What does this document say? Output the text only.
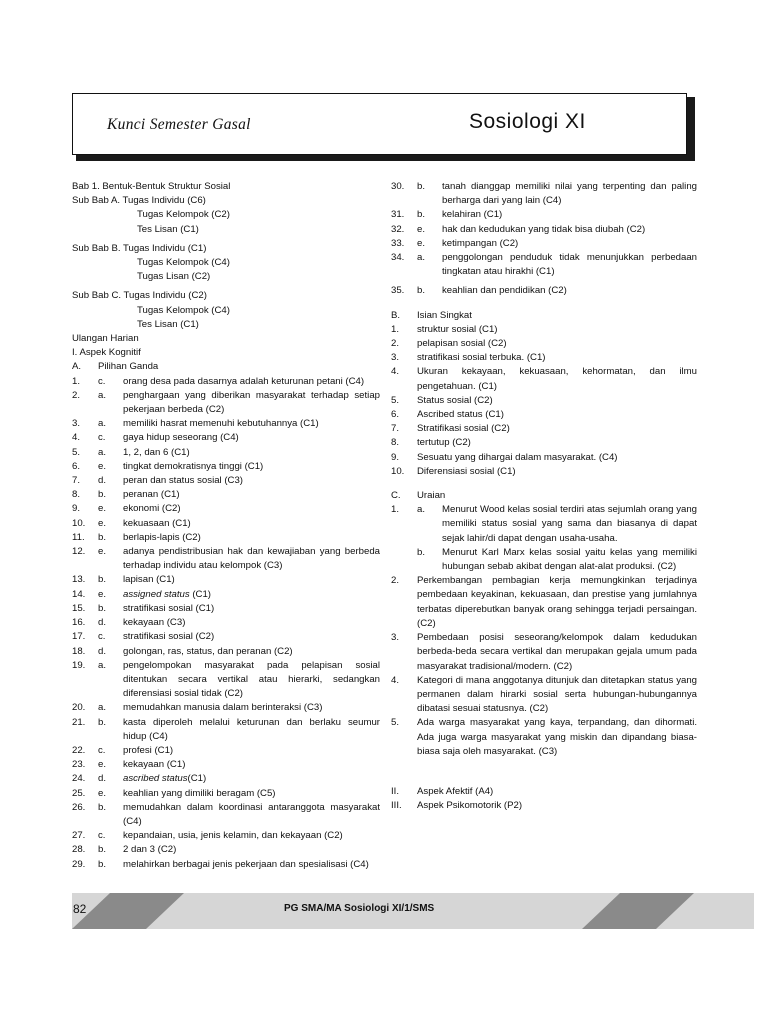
Kunci Semester Gasal	Sosiologi XI
Bab 1. Bentuk-Bentuk Struktur Sosial
Sub Bab A. Tugas Individu (C6)
Tugas Kelompok (C2)
Tes Lisan (C1)
Sub Bab B. Tugas Individu (C1)
Tugas Kelompok (C4)
Tugas Lisan (C2)
Sub Bab C. Tugas Individu (C2)
Tugas Kelompok (C4)
Tes Lisan (C1)
Ulangan Harian
I. Aspek Kognitif
A.	Pilihan Ganda
1.	c.	orang desa pada dasarnya adalah keturunan petani (C4)
2.	a.	penghargaan yang diberikan masyarakat terhadap setiap pekerjaan berbeda (C2)
3.	a.	memiliki hasrat memenuhi kebutuhannya (C1)
4.	c.	gaya hidup seseorang (C4)
5.	a.	1, 2, dan 6 (C1)
6.	e.	tingkat demokratisnya tinggi (C1)
7.	d.	peran dan status sosial (C3)
8.	b.	peranan (C1)
9.	e.	ekonomi (C2)
10.	e.	kekuasaan (C1)
11.	b.	berlapis-lapis (C2)
12.	e.	adanya pendistribusian hak dan kewajiaban yang berbeda terhadap individu atau kelompok (C3)
13.	b.	lapisan (C1)
14.	e.	assigned status (C1)
15.	b.	stratifikasi sosial (C1)
16.	d.	kekayaan (C3)
17.	c.	stratifikasi sosial (C2)
18.	d.	golongan, ras, status, dan peranan (C2)
19.	a.	pengelompokan masyarakat pada pelapisan sosial ditentukan secara vertikal atau hierarki, sedangkan diferensiasi sosial tidak (C2)
20.	a.	memudahkan manusia dalam berinteraksi (C3)
21.	b.	kasta diperoleh melalui keturunan dan berlaku seumur hidup (C4)
22.	c.	profesi (C1)
23.	e.	kekayaan (C1)
24.	d.	ascribed status(C1)
25.	e.	keahlian yang dimiliki beragam (C5)
26.	b.	memudahkan dalam koordinasi antaranggota masyarakat (C4)
27.	c.	kepandaian, usia, jenis kelamin, dan kekayaan (C2)
28.	b.	2 dan 3 (C2)
29.	b.	melahirkan berbagai jenis pekerjaan dan spesialisasi (C4)
30.	b.	tanah dianggap memiliki nilai yang terpenting dan paling berharga dari yang lain (C4)
31.	b.	kelahiran (C1)
32.	e.	hak dan kedudukan yang tidak bisa diubah (C2)
33.	e.	ketimpangan (C2)
34.	a.	penggolongan penduduk tidak menunjukkan perbedaan tingkatan atau hirakhi (C1)
35.	b.	keahlian dan pendidikan (C2)
B.	Isian Singkat
1.	struktur sosial (C1)
2.	pelapisan sosial (C2)
3.	stratifikasi sosial terbuka. (C1)
4.	Ukuran kekayaan, kekuasaan, kehormatan, dan ilmu pengetahuan. (C1)
5.	Status sosial (C2)
6.	Ascribed status (C1)
7.	Stratifikasi sosial (C2)
8.	tertutup (C2)
9.	Sesuatu yang dihargai dalam masyarakat. (C4)
10.	Diferensiasi sosial (C1)
C.	Uraian
1.	a.	Menurut Wood kelas sosial terdiri atas sejumlah orang yang memiliki status sosial yang sama dan biasanya di dapat sejak lahir/di dapat dengan usaha-usaha.
b.	Menurut Karl Marx kelas sosial yaitu kelas yang memiliki hubungan sebab akibat dengan alat-alat produksi. (C2)
2.	Perkembangan pembagian kerja memungkinkan terjadinya pembedaan keyakinan, kekuasaan, dan prestise yang jumlahnya terbatas diperebutkan banyak orang sehingga terjadi persaingan. (C2)
3.	Pembedaan posisi seseorang/kelompok dalam kedudukan berbeda-beda secara vertikal dan merupakan gejala umum pada masyarakat tradisional/modern. (C2)
4.	Kategori di mana anggotanya ditunjuk dan ditetapkan status yang permanen dalam hirarki sosial serta hubungan-hubungannya dibatasi sesuai statusnya. (C2)
5.	Ada warga masyarakat yang kaya, terpandang, dan dihormati. Ada juga warga masyarakat yang miskin dan dipandang biasa-biasa saja oleh masyarakat. (C3)
II.	Aspek Afektif (A4)
III.	Aspek Psikomotorik (P2)
82	PG SMA/MA Sosiologi XI/1/SMS
